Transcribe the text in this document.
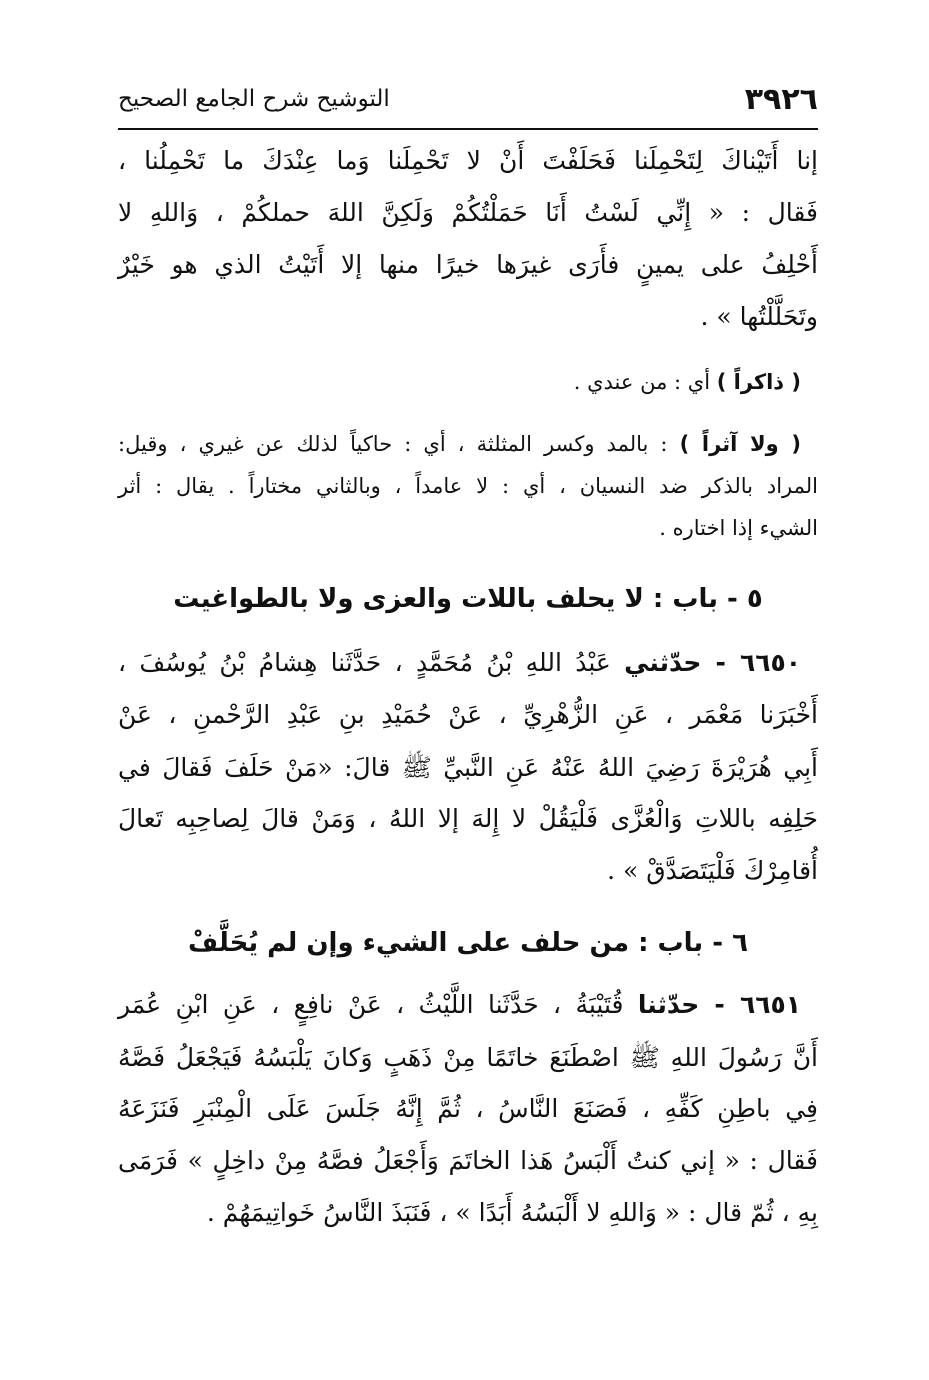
٣٩٢٦
التوشيح شرح الجامع الصحيح
إنا أَتَيْناكَ لِتَحْمِلَنا فَحَلَفْتَ أَنْ لا تَحْمِلَنا وَما عِنْدَكَ ما تَحْمِلُنا ،
فَقال : « إِنِّي لَسْتُ أَنَا حَمَلْتُكُمْ وَلَكِنَّ اللهَ حملكُمْ ، وَاللهِ لا
أَحْلِفُ على يمينٍ فأَرَى غيرَها خيرًا منها إلا أَتَيْتُ الذي هو خَيْرٌ
وتَحَلَّلْتُها » .
( ذاكراً ) أي : من عندي .
( ولا آثراً ) : بالمد وكسر المثلثة ، أي : حاكياً لذلك عن غيري ، وقيل:
المراد بالذكر ضد النسيان ، أي : لا عامداً ، وبالثاني مختاراً . يقال : أثر
الشيء إذا اختاره .
٥ - باب : لا يحلف باللات والعزى ولا بالطواغيت
٦٦٥٠ - حدّثني عَبْدُ اللهِ بْنُ مُحَمَّدٍ ، حَدَّثَنا هِشامُ بْنُ يُوسُفَ ،
أَخْبَرَنا مَعْمَر ، عَنِ الزُّهْرِيِّ ، عَنْ حُمَيْدِ بنِ عَبْدِ الرَّحْمنِ ، عَنْ
أَبِي هُرَيْرَةَ رَضِيَ اللهُ عَنْهُ عَنِ النَّبيِّ ﷺ قالَ: «مَنْ حَلَفَ فَقالَ في
حَلِفِه باللاتِ وَالْعُزَّى فَلْيَقُلْ لا إِلهَ إلا اللهُ ، وَمَنْ قالَ لِصاحِبِه تَعالَ
أُقامِرْكَ فَلْيَتَصَدَّقْ » .
٦ - باب : من حلف على الشيء وإن لم يُحَلَّفْ
٦٦٥١ - حدّثنا قُتَيْبَةُ ، حَدَّثَنا اللَّيْثُ ، عَنْ نافِعٍ ، عَنِ ابْنِ عُمَر
أَنَّ رَسُولَ اللهِ ﷺ اصْطَنَعَ خاتَمًا مِنْ ذَهَبٍ وَكانَ يَلْبَسُهُ فَيَجْعَلُ فَصَّهُ
فِي باطِنِ كَفِّهِ ، فَصَنَعَ النَّاسُ ، ثُمَّ إِنَّهُ جَلَسَ عَلَى الْمِنْبَرِ فَنَزَعَهُ
فَقال : « إني كنتُ أَلْبَسُ هَذا الخاتَمَ وَأَجْعَلُ فصَّهُ مِنْ داخِلٍ » فَرَمَى
بِهِ ، ثُمّ قال : « وَاللهِ لا أَلْبَسُهُ أَبَدًا » ، فَنَبَذَ النَّاسُ خَواتِيمَهُمْ .
